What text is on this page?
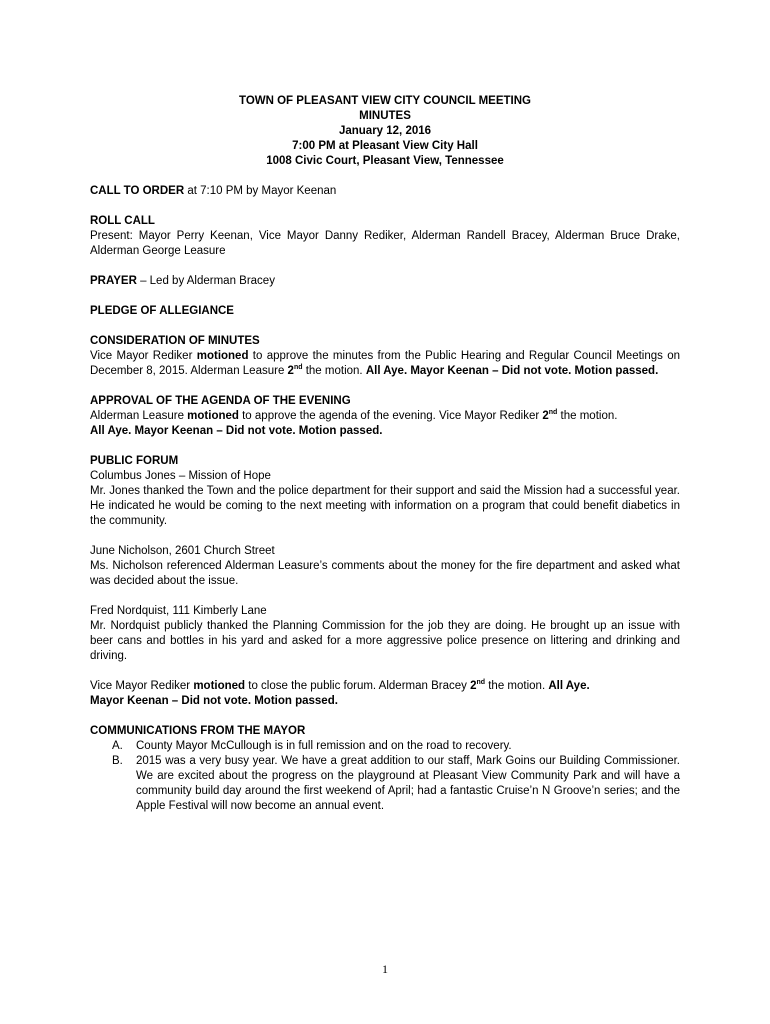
TOWN OF PLEASANT VIEW CITY COUNCIL MEETING
MINUTES
January 12, 2016
7:00 PM at Pleasant View City Hall
1008 Civic Court, Pleasant View, Tennessee

CALL TO ORDER at 7:10 PM by Mayor Keenan

ROLL CALL

Present: Mayor Perry Keenan, Vice Mayor Danny Rediker, Alderman Randell Bracey, Alderman Bruce Drake, Alderman George Leasure

PRAYER – Led by Alderman Bracey

PLEDGE OF ALLEGIANCE

CONSIDERATION OF MINUTES

Vice Mayor Rediker motioned to approve the minutes from the Public Hearing and Regular Council Meetings on December 8, 2015. Alderman Leasure 2nd the motion. All Aye. Mayor Keenan – Did not vote. Motion passed.

APPROVAL OF THE AGENDA OF THE EVENING

Alderman Leasure motioned to approve the agenda of the evening. Vice Mayor Rediker 2nd the motion.

All Aye. Mayor Keenan – Did not vote. Motion passed.

PUBLIC FORUM

Columbus Jones – Mission of Hope

Mr. Jones thanked the Town and the police department for their support and said the Mission had a successful year. He indicated he would be coming to the next meeting with information on a program that could benefit diabetics in the community.

June Nicholson, 2601 Church Street

Ms. Nicholson referenced Alderman Leasure’s comments about the money for the fire department and asked what was decided about the issue.

Fred Nordquist, 111 Kimberly Lane

Mr. Nordquist publicly thanked the Planning Commission for the job they are doing. He brought up an issue with beer cans and bottles in his yard and asked for a more aggressive police presence on littering and drinking and driving.

Vice Mayor Rediker motioned to close the public forum. Alderman Bracey 2nd the motion. All Aye.

Mayor Keenan – Did not vote. Motion passed.

COMMUNICATIONS FROM THE MAYOR

A. County Mayor McCullough is in full remission and on the road to recovery.
B. 2015 was a very busy year. We have a great addition to our staff, Mark Goins our Building Commissioner. We are excited about the progress on the playground at Pleasant View Community Park and will have a community build day around the first weekend of April; had a fantastic Cruise’n N Groove’n series; and the Apple Festival will now become an annual event.
1
